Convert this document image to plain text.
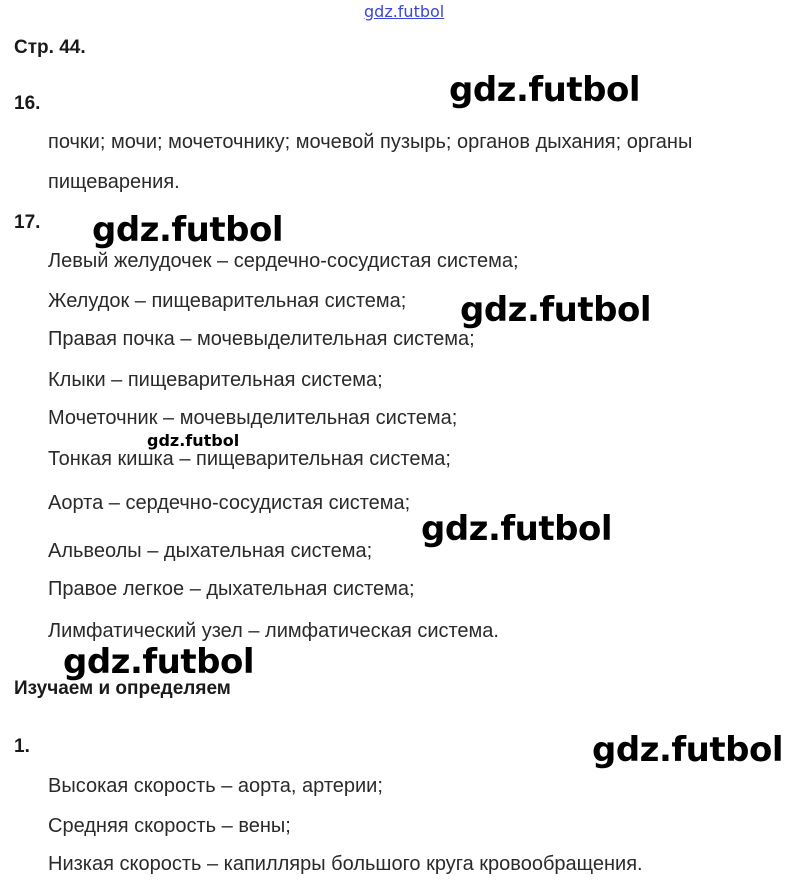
gdz.futbol
Стр. 44.
16.
почки; мочи; мочеточнику; мочевой пузырь; органов дыхания; органы
пищеварения.
17.
Левый желудочек – сердечно-сосудистая система;
Желудок – пищеварительная система;
Правая почка – мочевыделительная система;
Клыки – пищеварительная система;
Мочеточник – мочевыделительная система;
Тонкая кишка – пищеварительная система;
Аорта – сердечно-сосудистая система;
Альвеолы – дыхательная система;
Правое легкое – дыхательная система;
Лимфатический узел – лимфатическая система.
Изучаем и определяем
1.
Высокая скорость – аорта, артерии;
Средняя скорость – вены;
Низкая скорость – капилляры большого круга кровообращения.
gdz.futbol
gdz.futbol
gdz.futbol
gdz.futbol
gdz.futbol
gdz.futbol
gdz.futbol
